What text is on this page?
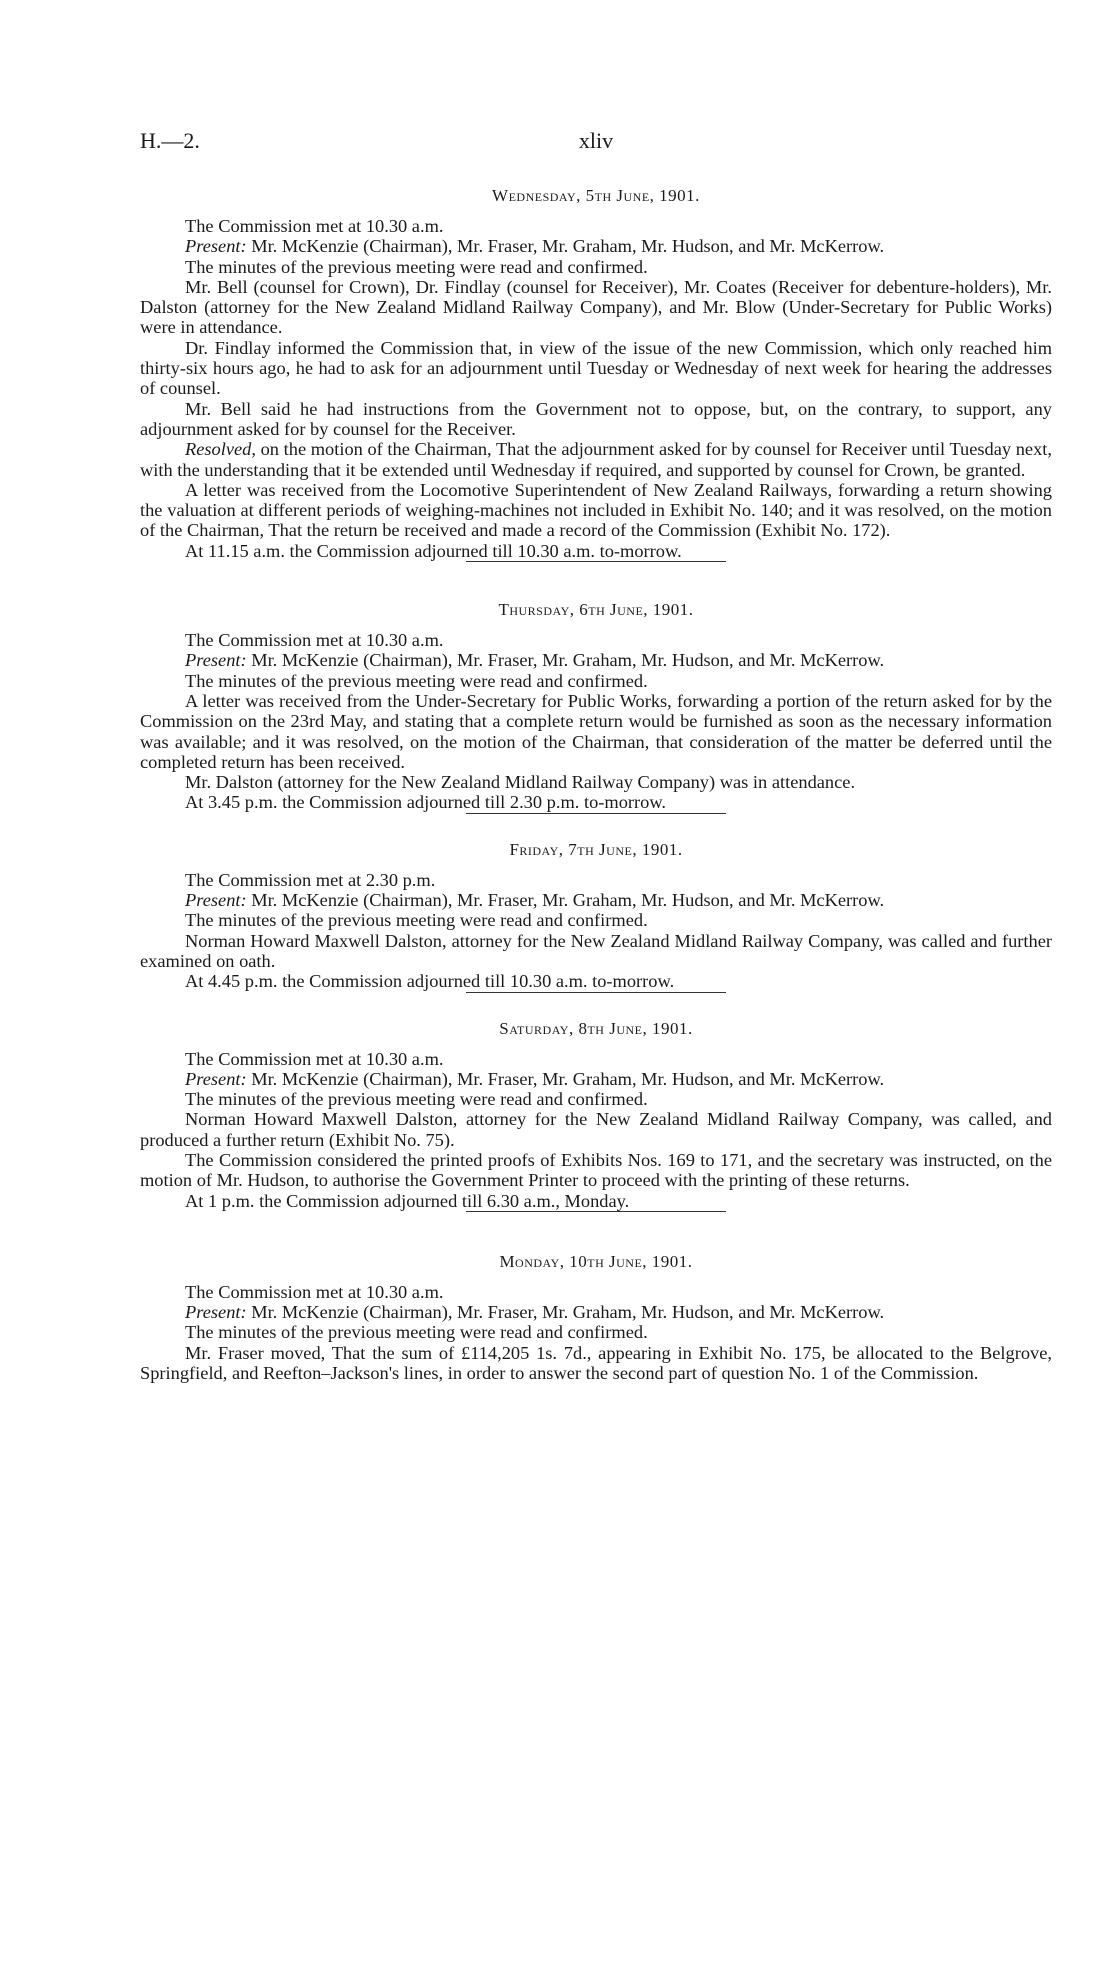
H.—2.	xliv
Wednesday, 5th June, 1901.

The Commission met at 10.30 a.m.

Present: Mr. McKenzie (Chairman), Mr. Fraser, Mr. Graham, Mr. Hudson, and Mr. McKerrow.

The minutes of the previous meeting were read and confirmed.

Mr. Bell (counsel for Crown), Dr. Findlay (counsel for Receiver), Mr. Coates (Receiver for debenture-holders), Mr. Dalston (attorney for the New Zealand Midland Railway Company), and Mr. Blow (Under-Secretary for Public Works) were in attendance.

Dr. Findlay informed the Commission that, in view of the issue of the new Commission, which only reached him thirty-six hours ago, he had to ask for an adjournment until Tuesday or Wednesday of next week for hearing the addresses of counsel.

Mr. Bell said he had instructions from the Government not to oppose, but, on the contrary, to support, any adjournment asked for by counsel for the Receiver.

Resolved, on the motion of the Chairman, That the adjournment asked for by counsel for Receiver until Tuesday next, with the understanding that it be extended until Wednesday if required, and supported by counsel for Crown, be granted.

A letter was received from the Locomotive Superintendent of New Zealand Railways, forwarding a return showing the valuation at different periods of weighing-machines not included in Exhibit No. 140; and it was resolved, on the motion of the Chairman, That the return be received and made a record of the Commission (Exhibit No. 172).

At 11.15 a.m. the Commission adjourned till 10.30 a.m. to-morrow.

Thursday, 6th June, 1901.

The Commission met at 10.30 a.m.

Present: Mr. McKenzie (Chairman), Mr. Fraser, Mr. Graham, Mr. Hudson, and Mr. McKerrow.

The minutes of the previous meeting were read and confirmed.

A letter was received from the Under-Secretary for Public Works, forwarding a portion of the return asked for by the Commission on the 23rd May, and stating that a complete return would be furnished as soon as the necessary information was available; and it was resolved, on the motion of the Chairman, that consideration of the matter be deferred until the completed return has been received.

Mr. Dalston (attorney for the New Zealand Midland Railway Company) was in attendance.

At 3.45 p.m. the Commission adjourned till 2.30 p.m. to-morrow.

Friday, 7th June, 1901.

The Commission met at 2.30 p.m.

Present: Mr. McKenzie (Chairman), Mr. Fraser, Mr. Graham, Mr. Hudson, and Mr. McKerrow.

The minutes of the previous meeting were read and confirmed.

Norman Howard Maxwell Dalston, attorney for the New Zealand Midland Railway Company, was called and further examined on oath.

At 4.45 p.m. the Commission adjourned till 10.30 a.m. to-morrow.

Saturday, 8th June, 1901.

The Commission met at 10.30 a.m.

Present: Mr. McKenzie (Chairman), Mr. Fraser, Mr. Graham, Mr. Hudson, and Mr. McKerrow.

The minutes of the previous meeting were read and confirmed.

Norman Howard Maxwell Dalston, attorney for the New Zealand Midland Railway Company, was called, and produced a further return (Exhibit No. 75).

The Commission considered the printed proofs of Exhibits Nos. 169 to 171, and the secretary was instructed, on the motion of Mr. Hudson, to authorise the Government Printer to proceed with the printing of these returns.

At 1 p.m. the Commission adjourned till 6.30 a.m., Monday.

Monday, 10th June, 1901.

The Commission met at 10.30 a.m.

Present: Mr. McKenzie (Chairman), Mr. Fraser, Mr. Graham, Mr. Hudson, and Mr. McKerrow.

The minutes of the previous meeting were read and confirmed.

Mr. Fraser moved, That the sum of £114,205 1s. 7d., appearing in Exhibit No. 175, be allocated to the Belgrove, Springfield, and Reefton–Jackson's lines, in order to answer the second part of question No. 1 of the Commission.
